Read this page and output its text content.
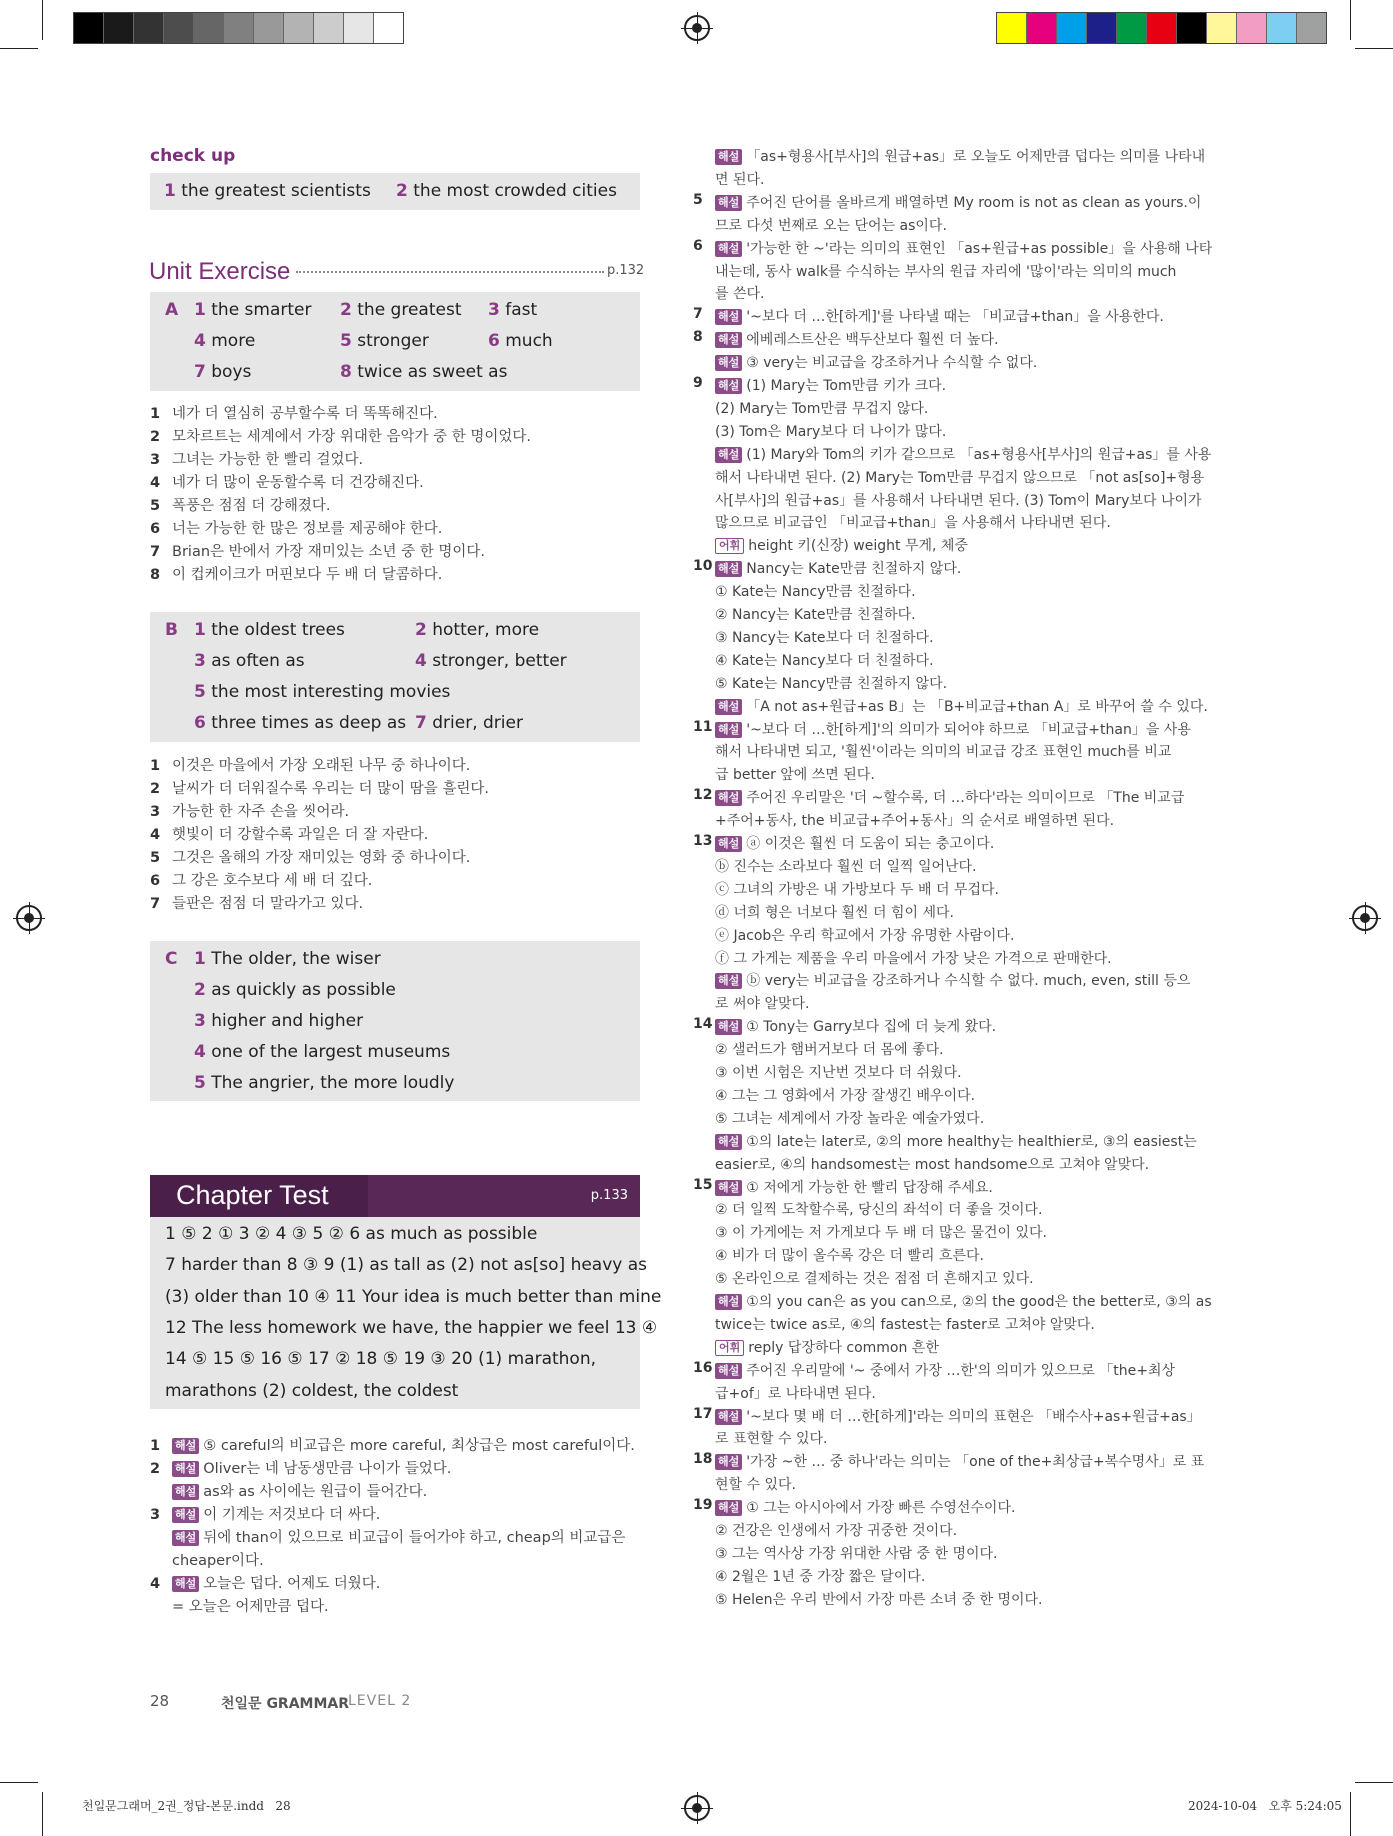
check up
1 the greatest scientists 2 the most crowded cities
Unit Exercise	p.132
A 1 the smarter 2 the greatest 3 fast
4 more	5 stronger	6 much
7 boys	8 twice as sweet as
1 네가 더 열심히 공부할수록 더 똑똑해진다.
2 모차르트는 세계에서 가장 위대한 음악가 중 한 명이었다.
3 그녀는 가능한 한 빨리 걸었다.
4 네가 더 많이 운동할수록 더 건강해진다.
5 폭풍은 점점 더 강해졌다.
6 너는 가능한 한 많은 정보를 제공해야 한다.
7 Brian은 반에서 가장 재미있는 소년 중 한 명이다.
8 이 컵케이크가 머핀보다 두 배 더 달콤하다.
B 1 the oldest trees	2 hotter, more
3 as often as	4 stronger, better
5 the most interesting movies
6 three times as deep as 7 drier, drier
1 이것은 마을에서 가장 오래된 나무 중 하나이다.
2 날씨가 더 더워질수록 우리는 더 많이 땀을 흘린다.
3 가능한 한 자주 손을 씻어라.
4 햇빛이 더 강할수록 과일은 더 잘 자란다.
5 그것은 올해의 가장 재미있는 영화 중 하나이다.
6 그 강은 호수보다 세 배 더 깊다.
7 들판은 점점 더 말라가고 있다.
C 1 The older, the wiser
2 as quickly as possible
3 higher and higher
4 one of the largest museums
5 The angrier, the more loudly
Chapter Test	p.133
1 ⑤ 2 ① 3 ② 4 ③ 5 ② 6 as much as possible
7 harder than 8 ③ 9 (1) as tall as (2) not as[so] heavy as
(3) older than 10 ④ 11 Your idea is much better than mine
12 The less homework we have, the happier we feel 13 ④
14 ⑤ 15 ⑤ 16 ⑤ 17 ② 18 ⑤ 19 ③ 20 (1) marathon,
marathons (2) coldest, the coldest
1 해설 ⑤ careful의 비교급은 more careful, 최상급은 most careful이다.
2 해설 Oliver는 네 남동생만큼 나이가 들었다.
해설 as와 as 사이에는 원급이 들어간다.
3 해설 이 기계는 저것보다 더 싸다.
해설 뒤에 than이 있으므로 비교급이 들어가야 하고, cheap의 비교급은
cheaper이다.
4 해설 오늘은 덥다. 어제도 더웠다.
= 오늘은 어제만큼 덥다.
해설 「as+형용사[부사]의 원급+as」로 오늘도 어제만큼 덥다는 의미를 나타내
면 된다.
5 해설 주어진 단어를 올바르게 배열하면 My room is not as clean as yours.이
므로 다섯 번째로 오는 단어는 as이다.
6 해설 '가능한 한 ~'라는 의미의 표현인 「as+원급+as possible」을 사용해 나타
내는데, 동사 walk를 수식하는 부사의 원급 자리에 '많이'라는 의미의 much
를 쓴다.
7 해설 '~보다 더 …한[하게]'를 나타낼 때는 「비교급+than」을 사용한다.
8 해설 에베레스트산은 백두산보다 훨씬 더 높다.
해설 ③ very는 비교급을 강조하거나 수식할 수 없다.
9 해설 (1) Mary는 Tom만큼 키가 크다.
(2) Mary는 Tom만큼 무겁지 않다.
(3) Tom은 Mary보다 더 나이가 많다.
해설 (1) Mary와 Tom의 키가 같으므로 「as+형용사[부사]의 원급+as」를 사용
해서 나타내면 된다. (2) Mary는 Tom만큼 무겁지 않으므로 「not as[so]+형용
사[부사]의 원급+as」를 사용해서 나타내면 된다. (3) Tom이 Mary보다 나이가
많으므로 비교급인 「비교급+than」을 사용해서 나타내면 된다.
어휘 height 키(신장) weight 무게, 체중
10 해설 Nancy는 Kate만큼 친절하지 않다.
① Kate는 Nancy만큼 친절하다.
② Nancy는 Kate만큼 친절하다.
③ Nancy는 Kate보다 더 친절하다.
④ Kate는 Nancy보다 더 친절하다.
⑤ Kate는 Nancy만큼 친절하지 않다.
해설 「A not as+원급+as B」는 「B+비교급+than A」로 바꾸어 쓸 수 있다.
11 해설 '~보다 더 …한[하게]'의 의미가 되어야 하므로 「비교급+than」을 사용
해서 나타내면 되고, '훨씬'이라는 의미의 비교급 강조 표현인 much를 비교
급 better 앞에 쓰면 된다.
12 해설 주어진 우리말은 '더 ~할수록, 더 …하다'라는 의미이므로 「The 비교급
+주어+동사, the 비교급+주어+동사」의 순서로 배열하면 된다.
13 해설 ⓐ 이것은 훨씬 더 도움이 되는 충고이다.
ⓑ 진수는 소라보다 훨씬 더 일찍 일어난다.
ⓒ 그녀의 가방은 내 가방보다 두 배 더 무겁다.
ⓓ 너희 형은 너보다 훨씬 더 힘이 세다.
ⓔ Jacob은 우리 학교에서 가장 유명한 사람이다.
ⓕ 그 가게는 제품을 우리 마을에서 가장 낮은 가격으로 판매한다.
해설 ⓑ very는 비교급을 강조하거나 수식할 수 없다. much, even, still 등으
로 써야 알맞다.
14 해설 ① Tony는 Garry보다 집에 더 늦게 왔다.
② 샐러드가 햄버거보다 더 몸에 좋다.
③ 이번 시험은 지난번 것보다 더 쉬웠다.
④ 그는 그 영화에서 가장 잘생긴 배우이다.
⑤ 그녀는 세계에서 가장 놀라운 예술가였다.
해설 ①의 late는 later로, ②의 more healthy는 healthier로, ③의 easiest는
easier로, ④의 handsomest는 most handsome으로 고쳐야 알맞다.
15 해설 ① 저에게 가능한 한 빨리 답장해 주세요.
② 더 일찍 도착할수록, 당신의 좌석이 더 좋을 것이다.
③ 이 가게에는 저 가게보다 두 배 더 많은 물건이 있다.
④ 비가 더 많이 올수록 강은 더 빨리 흐른다.
⑤ 온라인으로 결제하는 것은 점점 더 흔해지고 있다.
해설 ①의 you can은 as you can으로, ②의 the good은 the better로, ③의 as
twice는 twice as로, ④의 fastest는 faster로 고쳐야 알맞다.
어휘 reply 답장하다 common 흔한
16 해설 주어진 우리말에 '~ 중에서 가장 …한'의 의미가 있으므로 「the+최상
급+of」로 나타내면 된다.
17 해설 '~보다 몇 배 더 …한[하게]'라는 의미의 표현은 「배수사+as+원급+as」
로 표현할 수 있다.
18 해설 '가장 ~한 … 중 하나'라는 의미는 「one of the+최상급+복수명사」로 표
현할 수 있다.
19 해설 ① 그는 아시아에서 가장 빠른 수영선수이다.
② 건강은 인생에서 가장 귀중한 것이다.
③ 그는 역사상 가장 위대한 사람 중 한 명이다.
④ 2월은 1년 중 가장 짧은 달이다.
⑤ Helen은 우리 반에서 가장 마른 소녀 중 한 명이다.
28	천일문 GRAMMAR
LEVEL 2
천일문그래머_2권_정답-본문.indd   28	2024-10-04   오후 5:24:05
